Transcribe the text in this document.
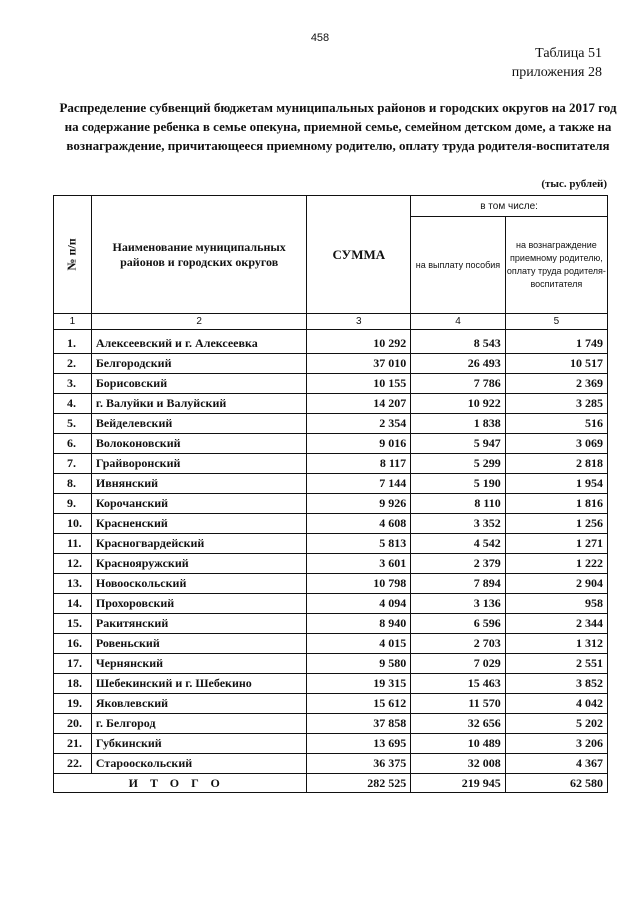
458
Таблица 51
приложения 28
Распределение субвенций бюджетам муниципальных районов и городских округов на 2017 год на содержание ребенка в семье опекуна, приемной семье, семейном детском доме, а также на вознаграждение, причитающееся приемному родителю, оплату труда родителя-воспитателя
(тыс. рублей)
№ п/п	Наименование муниципальных районов и городских округов	СУММА	в том числе:	
			на выплату пособия	на вознаграждение приемному родителю, оплату труда родителя-воспитателя
1	2	3	4	5
1.	Алексеевский и г. Алексеевка	10 292	8 543	1 749
2.	Белгородский	37 010	26 493	10 517
3.	Борисовский	10 155	7 786	2 369
4.	г. Валуйки и Валуйский	14 207	10 922	3 285
5.	Вейделевский	2 354	1 838	516
6.	Волоконовский	9 016	5 947	3 069
7.	Грайворонский	8 117	5 299	2 818
8.	Ивнянский	7 144	5 190	1 954
9.	Корочанский	9 926	8 110	1 816
10.	Красненский	4 608	3 352	1 256
11.	Красногвардейский	5 813	4 542	1 271
12.	Краснояружский	3 601	2 379	1 222
13.	Новооскольский	10 798	7 894	2 904
14.	Прохоровский	4 094	3 136	958
15.	Ракитянский	8 940	6 596	2 344
16.	Ровеньский	4 015	2 703	1 312
17.	Чернянский	9 580	7 029	2 551
18.	Шебекинский и г. Шебекино	19 315	15 463	3 852
19.	Яковлевский	15 612	11 570	4 042
20.	г. Белгород	37 858	32 656	5 202
21.	Губкинский	13 695	10 489	3 206
22.	Старооскольский	36 375	32 008	4 367
ИТОГО		282 525	219 945	62 580
